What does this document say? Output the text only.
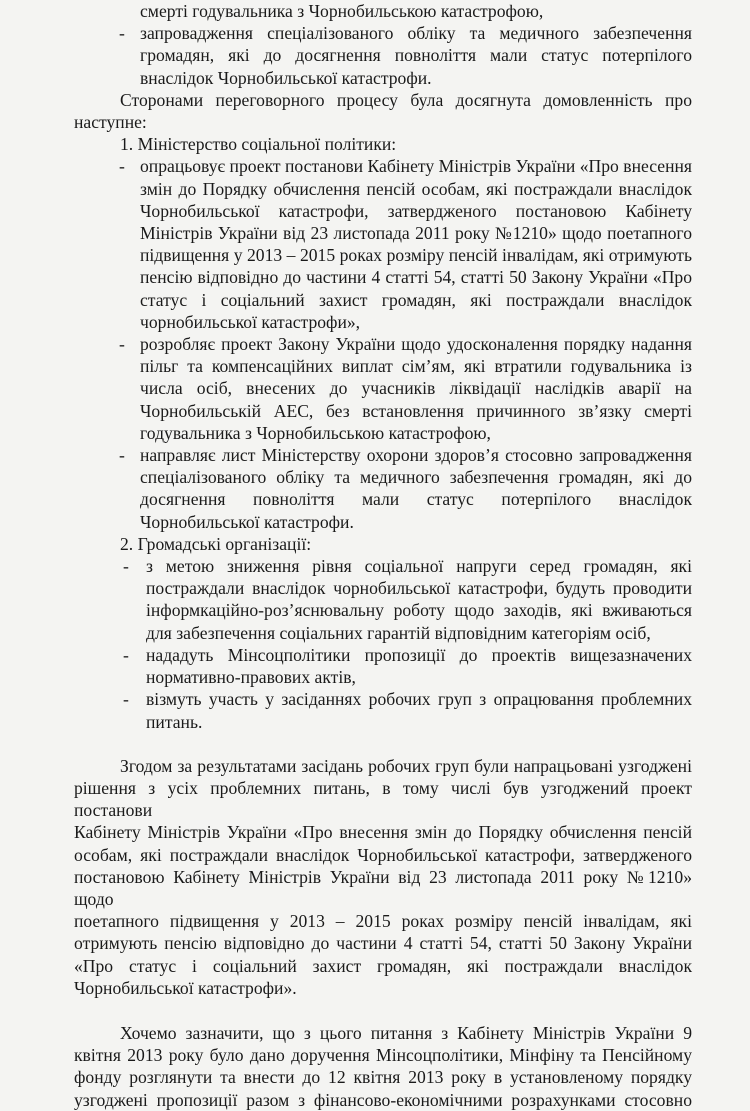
смерті годувальника з Чорнобильською катастрофою,

- запровадження спеціалізованого обліку та медичного забезпечення

громадян, які до досягнення повноліття мали статус потерпілого

внаслідок Чорнобильської катастрофи.

Сторонами переговорного процесу була досягнута домовленність про

наступне:

1. Міністерство соціальної політики:

- опрацьовує проект постанови Кабінету Міністрів України «Про внесення

змін до Порядку обчислення пенсій особам, які постраждали внаслідок

Чорнобильської катастрофи, затвердженого постановою Кабінету

Міністрів України від 23 листопада 2011 року №1210» щодо поетапного

підвищення у 2013 – 2015 роках розміру пенсій інвалідам, які отримують

пенсію відповідно до частини 4 статті 54, статті 50 Закону України «Про

статус і соціальний захист громадян, які постраждали внаслідок

чорнобильської катастрофи»,

- розробляє проект Закону України щодо удосконалення порядку надання

пільг та компенсаційних виплат сім’ям, які втратили годувальника із

числа осіб, внесених до учасників ліквідації наслідків аварії на

Чорнобильській АЕС, без встановлення причинного зв’язку смерті

годувальника з Чорнобильською катастрофою,

- направляє лист Міністерству охорони здоров’я стосовно запровадження

спеціалізованого обліку та медичного забезпечення громадян, які до

досягнення повноліття мали статус потерпілого внаслідок

Чорнобильської катастрофи.

2. Громадські організації:

- з метою зниження рівня соціальної напруги серед громадян, які

постраждали внаслідок чорнобильської катастрофи, будуть проводити

інформкаційно-роз’яснювальну роботу щодо заходів, які вживаються

для забезпечення соціальних гарантій відповідним категоріям осіб,

- нададуть Мінсоцполітики пропозиції до проектів вищезазначених

нормативно-правових актів,

- візмуть участь у засіданнях робочих груп з опрацювання проблемних

питань.

Згодом за результатами засідань робочих груп були напрацьовані узгоджені

рішення з усіх проблемних питань, в тому числі був узгоджений проект постанови

Кабінету Міністрів України «Про внесення змін до Порядку обчислення пенсій

особам, які постраждали внаслідок Чорнобильської катастрофи, затвердженого

постановою Кабінету Міністрів України від 23 листопада 2011 року №1210» щодо

поетапного підвищення у 2013 – 2015 роках розміру пенсій інвалідам, які

отримують пенсію відповідно до частини 4 статті 54, статті 50 Закону України

«Про статус і соціальний захист громадян, які постраждали внаслідок

Чорнобильської катастрофи».

Хочемо зазначити, що з цього питання з Кабінету Міністрів України 9

квітня 2013 року було дано доручення Мінсоцполітики, Мінфіну та Пенсійному

фонду розглянути та внести до 12 квітня 2013 року в установленому порядку

узгоджені пропозиції разом з фінансово-економічними розрахунками стосовно
